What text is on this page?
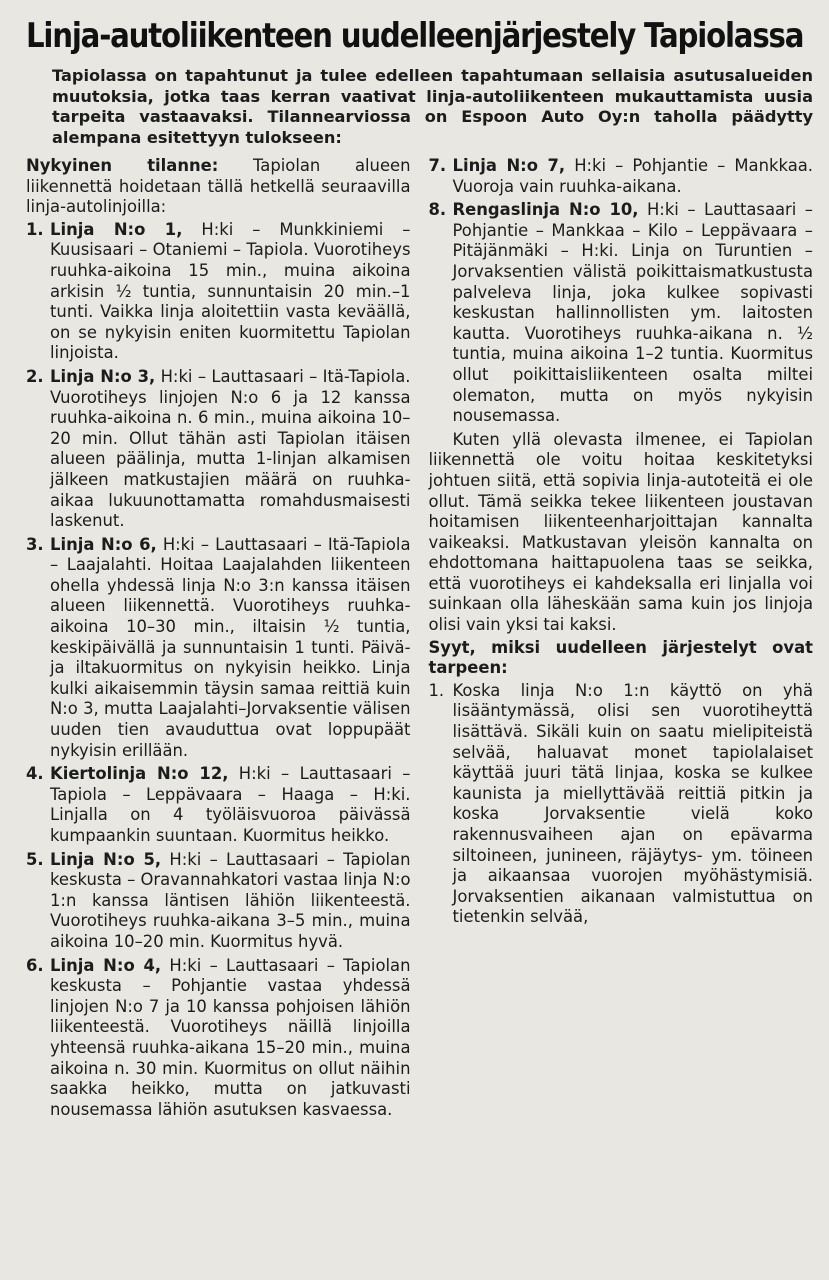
Linja-autoliikenteen uudelleenjärjestely Tapiolassa

Tapiolassa on tapahtunut ja tulee edelleen tapahtumaan sellaisia asutusalueiden muutoksia, jotka taas kerran vaativat linja-autoliikenteen mukauttamista uusia tarpeita vastaavaksi. Tilannearviossa on Espoon Auto Oy:n taholla päädytty alempana esitettyyn tulokseen:

Nykyinen tilanne: Tapiolan alueen liikennettä hoidetaan tällä hetkellä seuraavilla linja-autolinjoilla:

1. Linja N:o 1, H:ki – Munkkiniemi – Kuusisaari – Otaniemi – Tapiola. Vuorotiheys ruuhka-aikoina 15 min., muina aikoina arkisin ½ tuntia, sunnuntaisin 20 min.–1 tunti. Vaikka linja aloitettiin vasta keväällä, on se nykyisin eniten kuormitettu Tapiolan linjoista.
2. Linja N:o 3, H:ki – Lauttasaari – Itä-Tapiola. Vuorotiheys linjojen N:o 6 ja 12 kanssa ruuhka-aikoina n. 6 min., muina aikoina 10–20 min. Ollut tähän asti Tapiolan itäisen alueen päälinja, mutta 1-linjan alkamisen jälkeen matkustajien määrä on ruuhka-aikaa lukuunottamatta romahdusmaisesti laskenut.
3. Linja N:o 6, H:ki – Lauttasaari – Itä-Tapiola – Laajalahti. Hoitaa Laajalahden liikenteen ohella yhdessä linja N:o 3:n kanssa itäisen alueen liikennettä. Vuorotiheys ruuhka-aikoina 10–30 min., iltaisin ½ tuntia, keskipäivällä ja sunnuntaisin 1 tunti. Päivä- ja iltakuormitus on nykyisin heikko. Linja kulki aikaisemmin täysin samaa reittiä kuin N:o 3, mutta Laajalahti–Jorvaksentie välisen uuden tien avauduttua ovat loppupäät nykyisin erillään.
4. Kiertolinja N:o 12, H:ki – Lauttasaari – Tapiola – Leppävaara – Haaga – H:ki. Linjalla on 4 työläisvuoroa päivässä kumpaankin suuntaan. Kuormitus heikko.
5. Linja N:o 5, H:ki – Lauttasaari – Tapiolan keskusta – Oravannahkatori vastaa linja N:o 1:n kanssa läntisen lähiön liikenteestä. Vuorotiheys ruuhka-aikana 3–5 min., muina aikoina 10–20 min. Kuormitus hyvä.
6. Linja N:o 4, H:ki – Lauttasaari – Tapiolan keskusta – Pohjantie vastaa yhdessä linjojen N:o 7 ja 10 kanssa pohjoisen lähiön liikenteestä. Vuorotiheys näillä linjoilla yhteensä ruuhka-aikana 15–20 min., muina aikoina n. 30 min. Kuormitus on ollut näihin saakka heikko, mutta on jatkuvasti nousemassa lähiön asutuksen kasvaessa.
7. Linja N:o 7, H:ki – Pohjantie – Mankkaa. Vuoroja vain ruuhka-aikana.
8. Rengaslinja N:o 10, H:ki – Lauttasaari – Pohjantie – Mankkaa – Kilo – Leppävaara – Pitäjänmäki – H:ki. Linja on Turuntien – Jorvaksentien välistä poikittaismatkustusta palveleva linja, joka kulkee sopivasti keskustan hallinnollisten ym. laitosten kautta. Vuorotiheys ruuhka-aikana n. ½ tuntia, muina aikoina 1–2 tuntia. Kuormitus ollut poikittaisliikenteen osalta miltei olematon, mutta on myös nykyisin nousemassa.

Kuten yllä olevasta ilmenee, ei Tapiolan liikennettä ole voitu hoitaa keskitetyksi johtuen siitä, että sopivia linja-autoteitä ei ole ollut. Tämä seikka tekee liikenteen joustavan hoitamisen liikenteenharjoittajan kannalta vaikeaksi. Matkustavan yleisön kannalta on ehdottomana haittapuolena taas se seikka, että vuorotiheys ei kahdeksalla eri linjalla voi suinkaan olla läheskään sama kuin jos linjoja olisi vain yksi tai kaksi.

Syyt, miksi uudelleen järjestelyt ovat tarpeen:

1. Koska linja N:o 1:n käyttö on yhä lisääntymässä, olisi sen vuorotiheyttä lisättävä. Sikäli kuin on saatu mielipiteistä selvää, haluavat monet tapiolalaiset käyttää juuri tätä linjaa, koska se kulkee kaunista ja miellyttävää reittiä pitkin ja koska Jorvaksentie vielä koko rakennusvaiheen ajan on epävarma siltoineen, junineen, räjäytys- ym. töineen ja aikaansaa vuorojen myöhästymisiä. Jorvaksentien aikanaan valmistuttua on tietenkin selvää,
